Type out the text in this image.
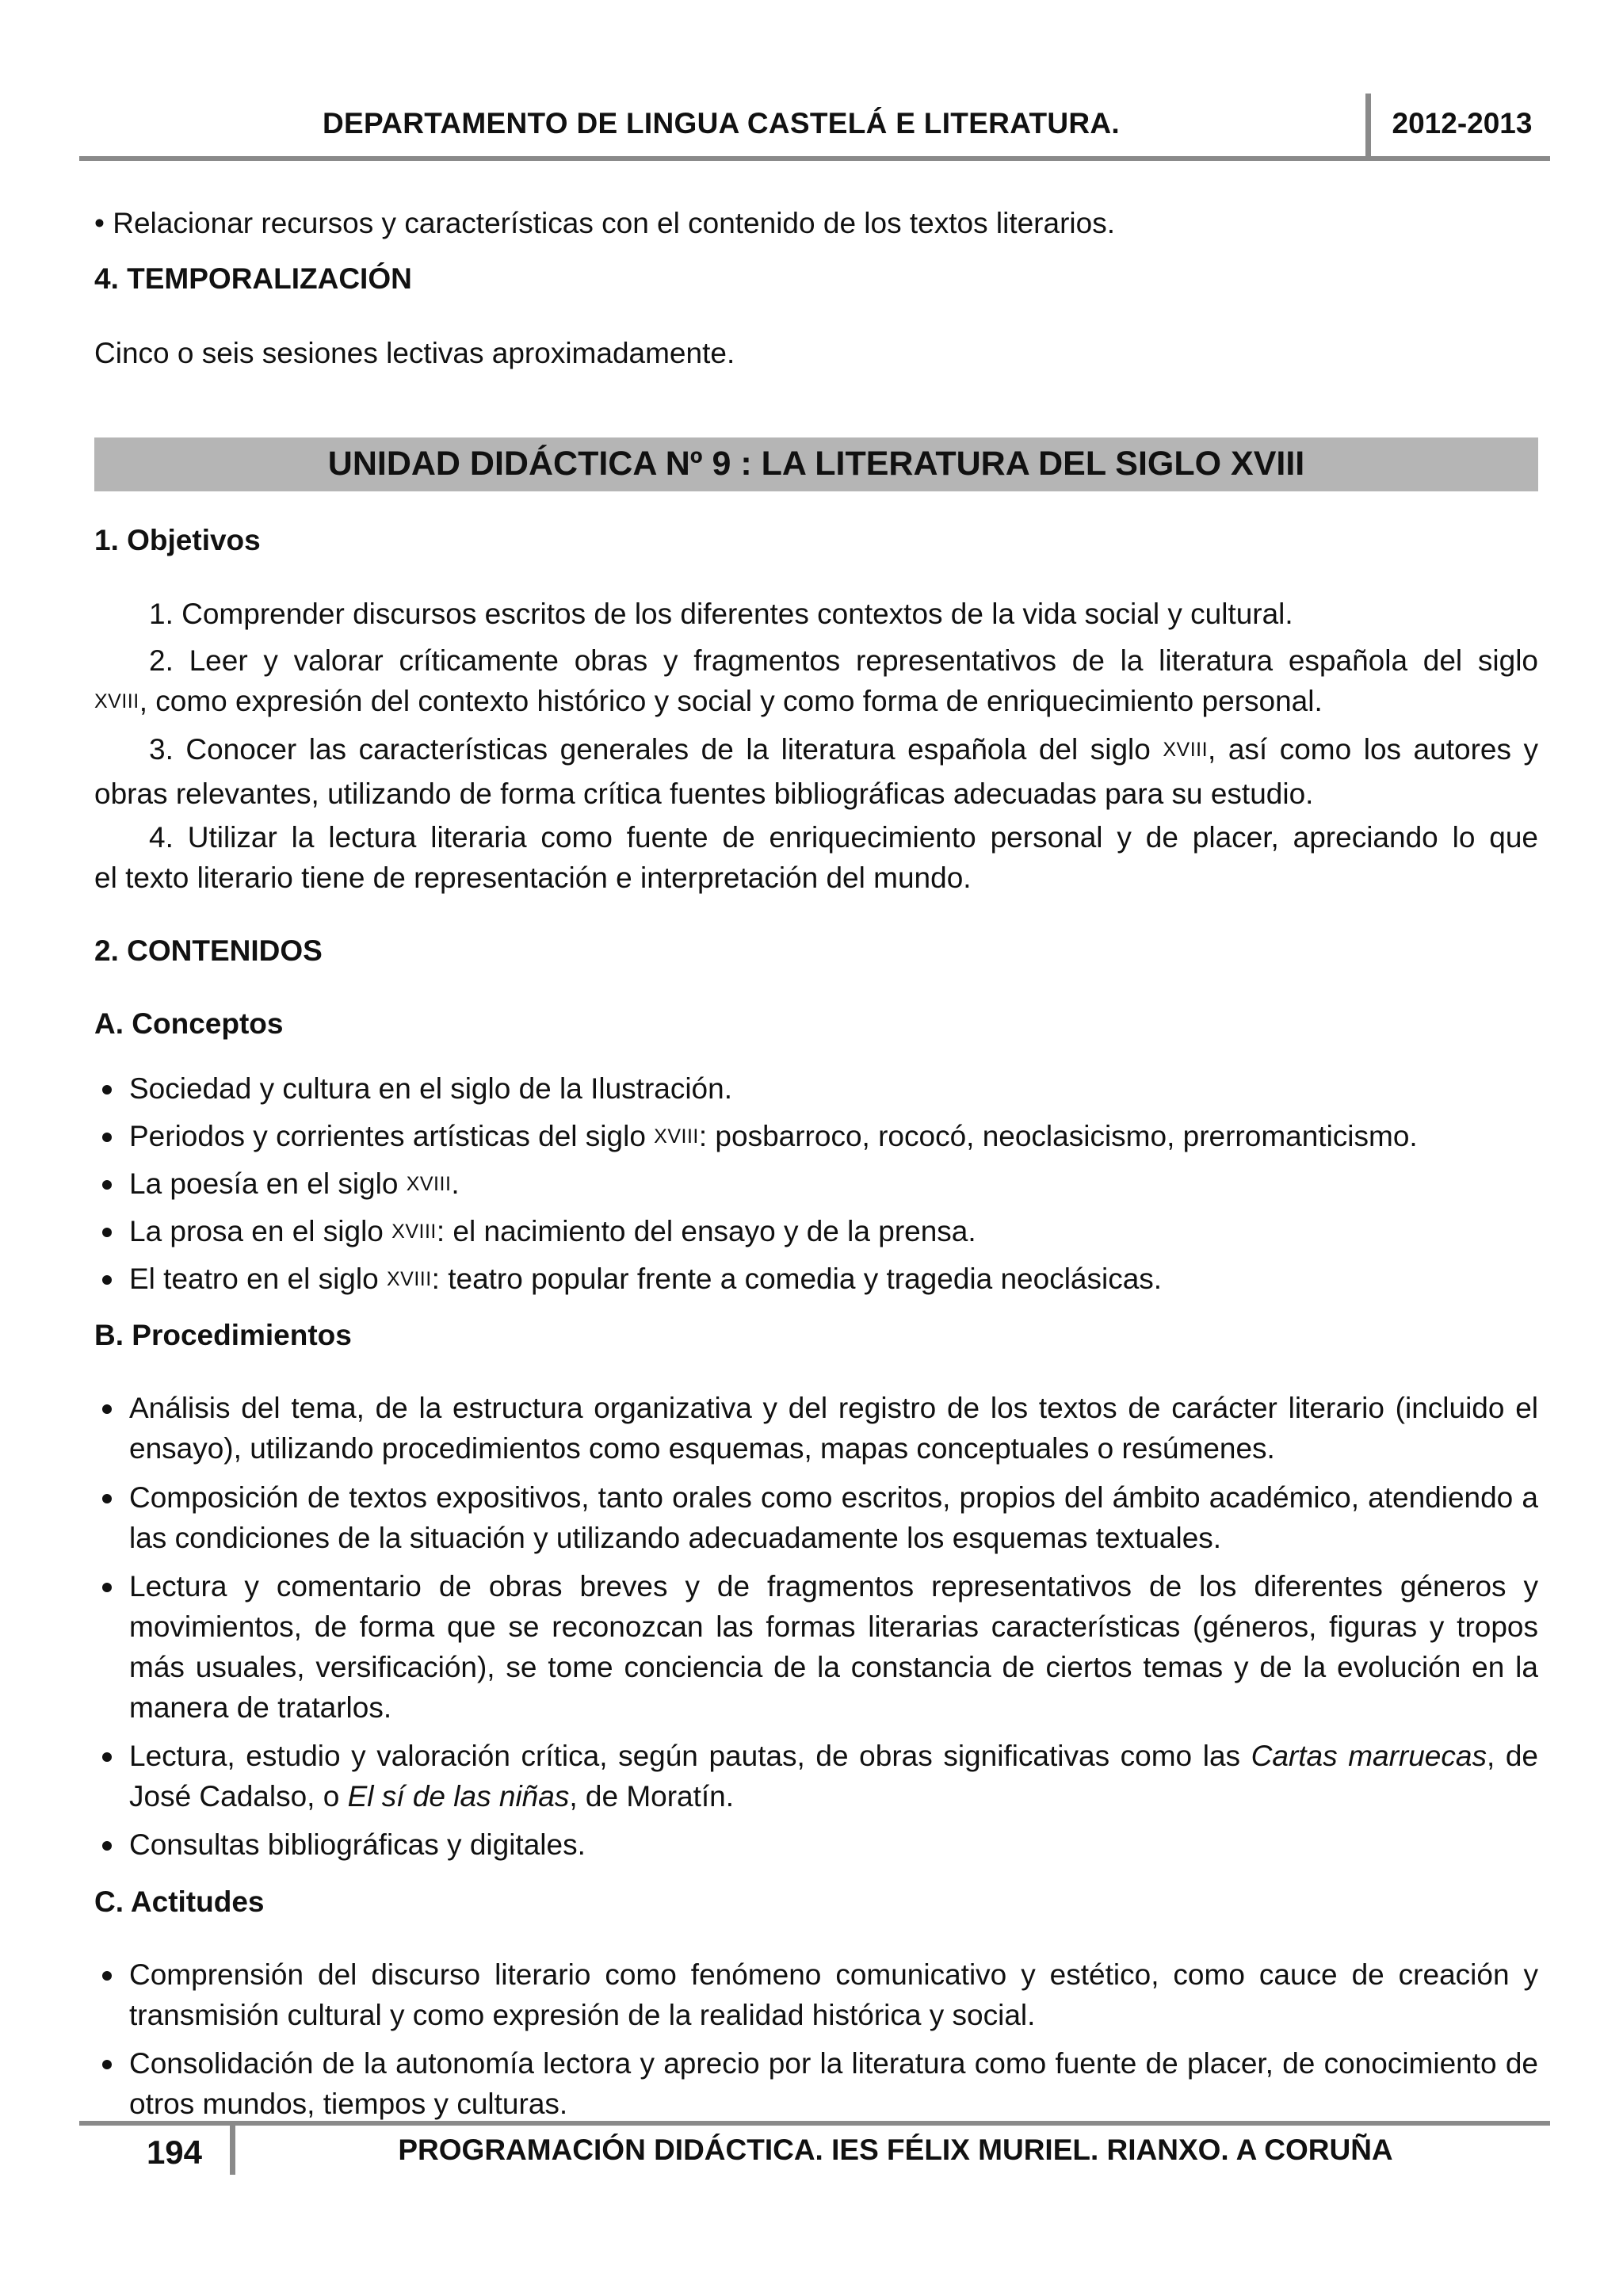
DEPARTAMENTO DE LINGUA CASTELÁ E LITERATURA.	2012-2013
• Relacionar recursos y características con el contenido de los textos literarios.
4. TEMPORALIZACIÓN
Cinco o seis sesiones lectivas aproximadamente.
UNIDAD DIDÁCTICA Nº 9 : LA LITERATURA DEL SIGLO XVIII
1. Objetivos
1. Comprender discursos escritos de los diferentes contextos de la vida social y cultural.
2. Leer y valorar críticamente obras y fragmentos representativos de la literatura española del siglo
XVIII, como expresión del contexto histórico y social y como forma de enriquecimiento personal.
3. Conocer las características generales de la literatura española del siglo XVIII, así como los autores y
obras relevantes, utilizando de forma crítica fuentes bibliográficas adecuadas para su estudio.
4. Utilizar la lectura literaria como fuente de enriquecimiento personal y de placer, apreciando lo que
el texto literario tiene de representación e interpretación del mundo.
2. CONTENIDOS
A. Conceptos
Sociedad y cultura en el siglo de la Ilustración.
Periodos y corrientes artísticas del siglo XVIII: posbarroco, rococó, neoclasicismo, prerromanticismo.
La poesía en el siglo XVIII.
La prosa en el siglo XVIII: el nacimiento del ensayo y de la prensa.
El teatro en el siglo XVIII: teatro popular frente a comedia y tragedia neoclásicas.
B. Procedimientos
Análisis del tema, de la estructura organizativa y del registro de los textos de carácter literario (incluido el ensayo), utilizando procedimientos como esquemas, mapas conceptuales o resúmenes.
Composición de textos expositivos, tanto orales como escritos, propios del ámbito académico, atendiendo a las condiciones de la situación y utilizando adecuadamente los esquemas textuales.
Lectura y comentario de obras breves y de fragmentos representativos de los diferentes géneros y movimientos, de forma que se reconozcan las formas literarias características (géneros, figuras y tropos más usuales, versificación), se tome conciencia de la constancia de ciertos temas y de la evolución en la manera de tratarlos.
Lectura, estudio y valoración crítica, según pautas, de obras significativas como las Cartas marruecas, de José Cadalso, o El sí de las niñas, de Moratín.
Consultas bibliográficas y digitales.
C. Actitudes
Comprensión del discurso literario como fenómeno comunicativo y estético, como cauce de creación y transmisión cultural y como expresión de la realidad histórica y social.
Consolidación de la autonomía lectora y aprecio por la literatura como fuente de placer, de conocimiento de otros mundos, tiempos y culturas.
194	PROGRAMACIÓN DIDÁCTICA. IES FÉLIX MURIEL. RIANXO. A CORUÑA
